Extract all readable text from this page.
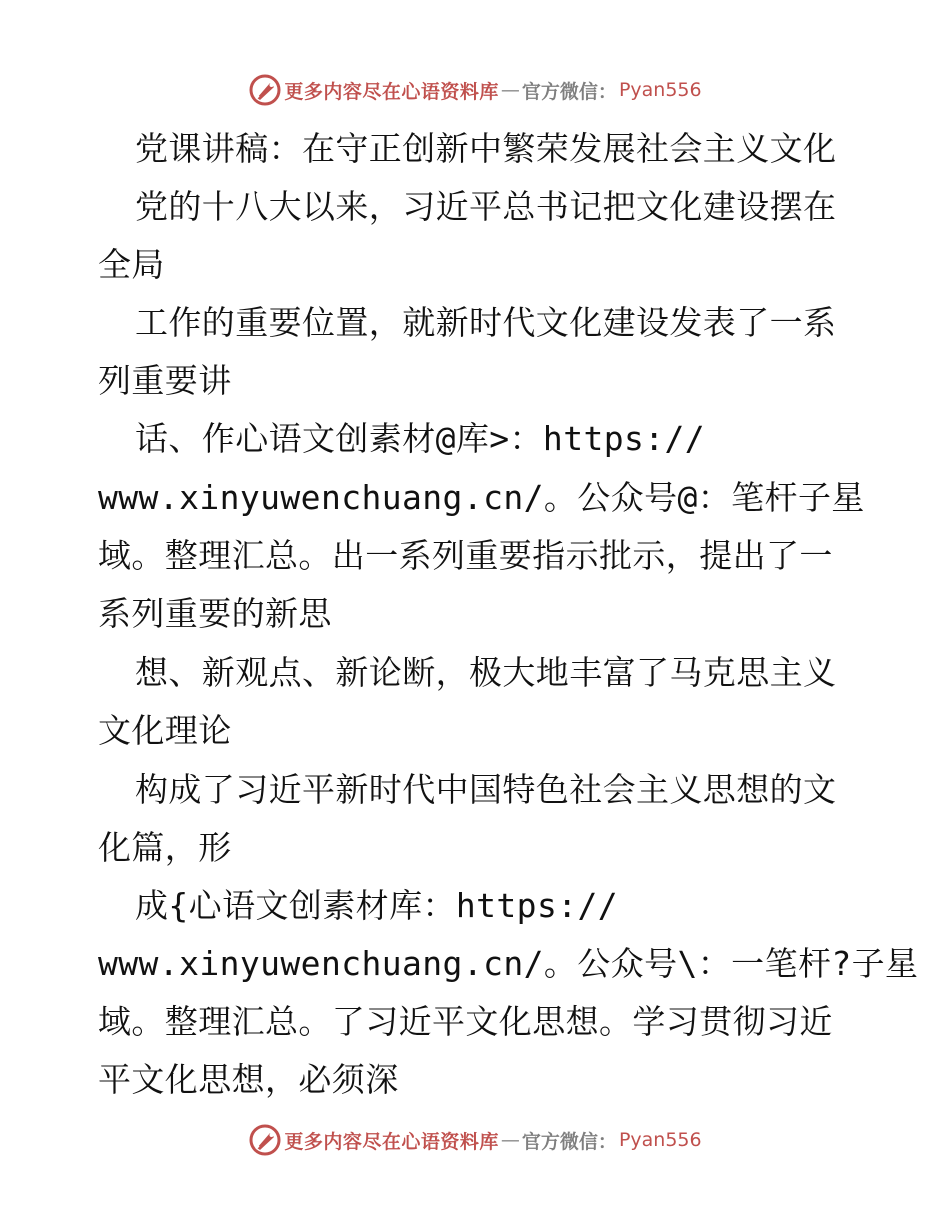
更多内容尽在心语资料库 — 官方微信： Pyan556
党课讲稿：在守正创新中繁荣发展社会主义文化
党的十八大以来，习近平总书记把文化建设摆在
全局
工作的重要位置，就新时代文化建设发表了一系
列重要讲
话、作心语文创素材@库>：https://
www.xinyuwenchuang.cn/。公众号@：笔杆子星
域。整理汇总。出一系列重要指示批示，提出了一
系列重要的新思
想、新观点、新论断，极大地丰富了马克思主义
文化理论
构成了习近平新时代中国特色社会主义思想的文
化篇，形
成{心语文创素材库：https://
www.xinyuwenchuang.cn/。公众号\：一笔杆?子星
域。整理汇总。了习近平文化思想。学习贯彻习近
平文化思想，必须深
更多内容尽在心语资料库 — 官方微信： Pyan556
